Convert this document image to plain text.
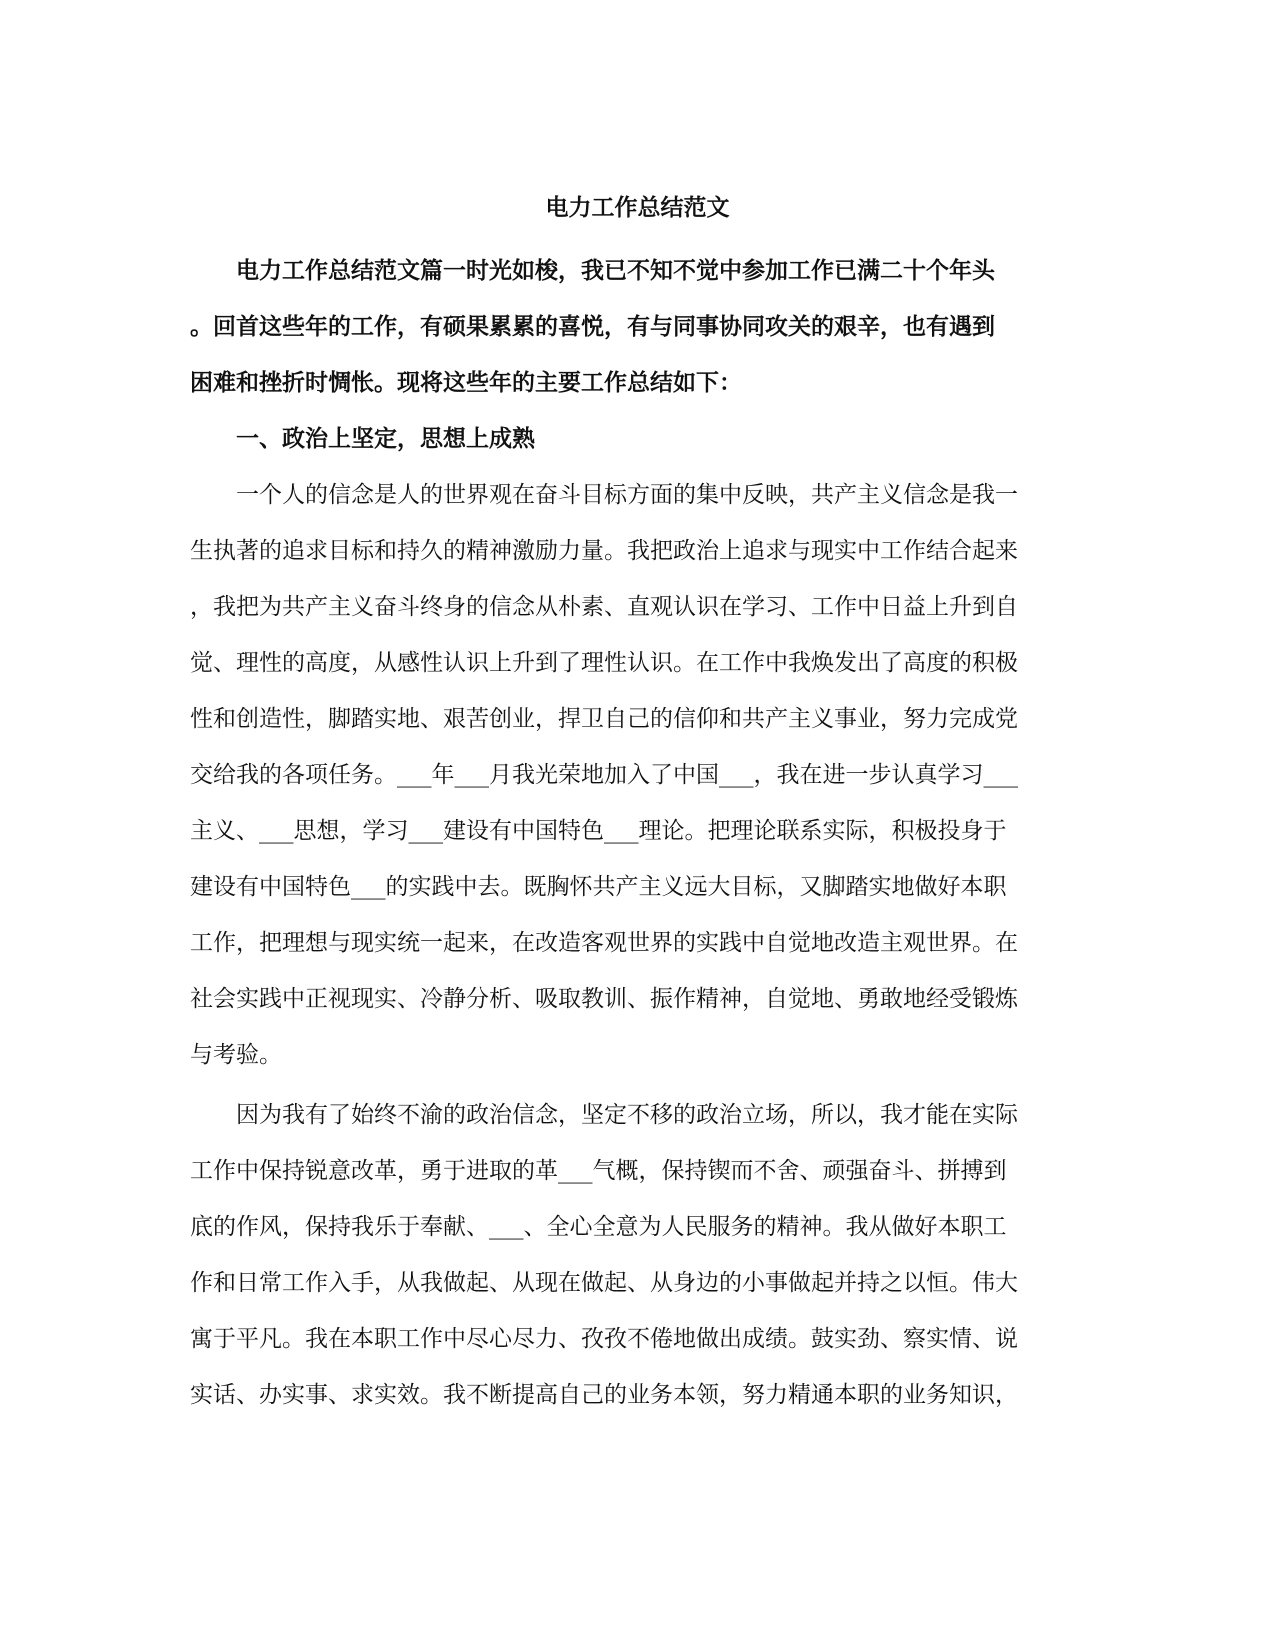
电力工作总结范文

　　电力工作总结范文篇一时光如梭，我已不知不觉中参加工作已满二十个年头

。回首这些年的工作，有硕果累累的喜悦，有与同事协同攻关的艰辛，也有遇到

困难和挫折时惆怅。现将这些年的主要工作总结如下：

　　一、政治上坚定，思想上成熟

　　一个人的信念是人的世界观在奋斗目标方面的集中反映，共产主义信念是我一

生执著的追求目标和持久的精神激励力量。我把政治上追求与现实中工作结合起来

，我把为共产主义奋斗终身的信念从朴素、直观认识在学习、工作中日益上升到自

觉、理性的高度，从感性认识上升到了理性认识。在工作中我焕发出了高度的积极

性和创造性，脚踏实地、艰苦创业，捍卫自己的信仰和共产主义事业，努力完成党

交给我的各项任务。___年___月我光荣地加入了中国___，我在进一步认真学习___

主义、___思想，学习___建设有中国特色___理论。把理论联系实际，积极投身于

建设有中国特色___的实践中去。既胸怀共产主义远大目标，又脚踏实地做好本职

工作，把理想与现实统一起来，在改造客观世界的实践中自觉地改造主观世界。在

社会实践中正视现实、冷静分析、吸取教训、振作精神，自觉地、勇敢地经受锻炼

与考验。

　　因为我有了始终不渝的政治信念，坚定不移的政治立场，所以，我才能在实际

工作中保持锐意改革，勇于进取的革___气概，保持锲而不舍、顽强奋斗、拼搏到

底的作风，保持我乐于奉献、___、全心全意为人民服务的精神。我从做好本职工

作和日常工作入手，从我做起、从现在做起、从身边的小事做起并持之以恒。伟大

寓于平凡。我在本职工作中尽心尽力、孜孜不倦地做出成绩。鼓实劲、察实情、说

实话、办实事、求实效。我不断提高自己的业务本领，努力精通本职的业务知识，
